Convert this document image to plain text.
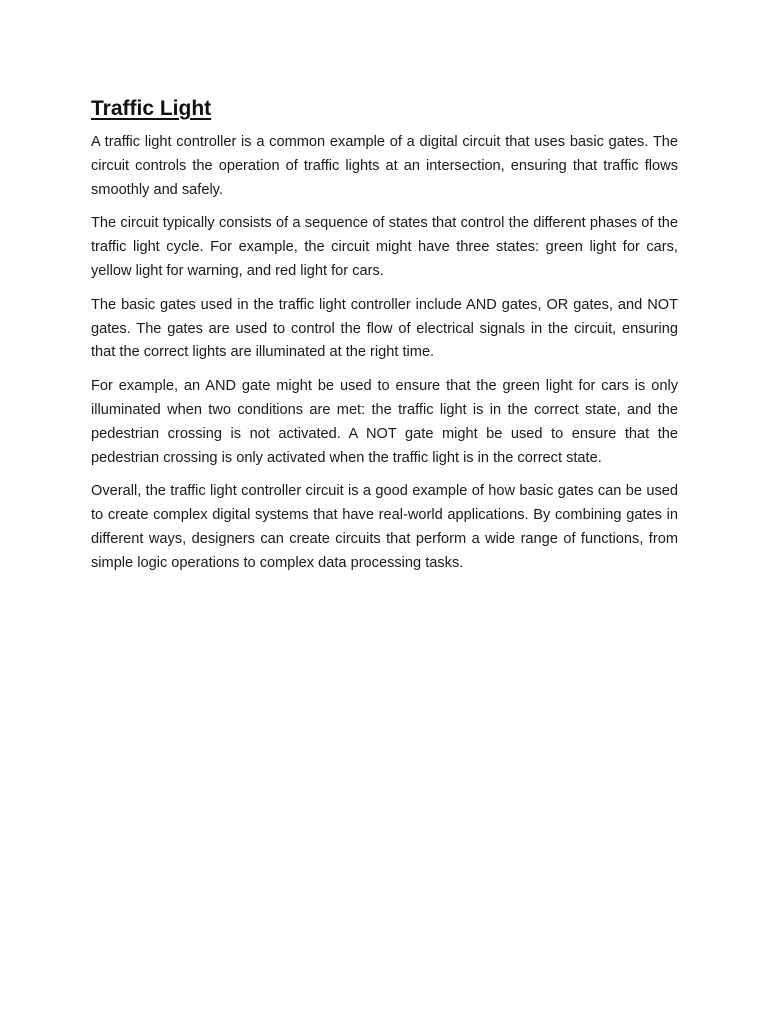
Traffic Light

A traffic light controller is a common example of a digital circuit that uses basic gates. The circuit controls the operation of traffic lights at an intersection, ensuring that traffic flows smoothly and safely.

The circuit typically consists of a sequence of states that control the different phases of the traffic light cycle. For example, the circuit might have three states: green light for cars, yellow light for warning, and red light for cars.

The basic gates used in the traffic light controller include AND gates, OR gates, and NOT gates. The gates are used to control the flow of electrical signals in the circuit, ensuring that the correct lights are illuminated at the right time.

For example, an AND gate might be used to ensure that the green light for cars is only illuminated when two conditions are met: the traffic light is in the correct state, and the pedestrian crossing is not activated. A NOT gate might be used to ensure that the pedestrian crossing is only activated when the traffic light is in the correct state.

Overall, the traffic light controller circuit is a good example of how basic gates can be used to create complex digital systems that have real-world applications. By combining gates in different ways, designers can create circuits that perform a wide range of functions, from simple logic operations to complex data processing tasks.
